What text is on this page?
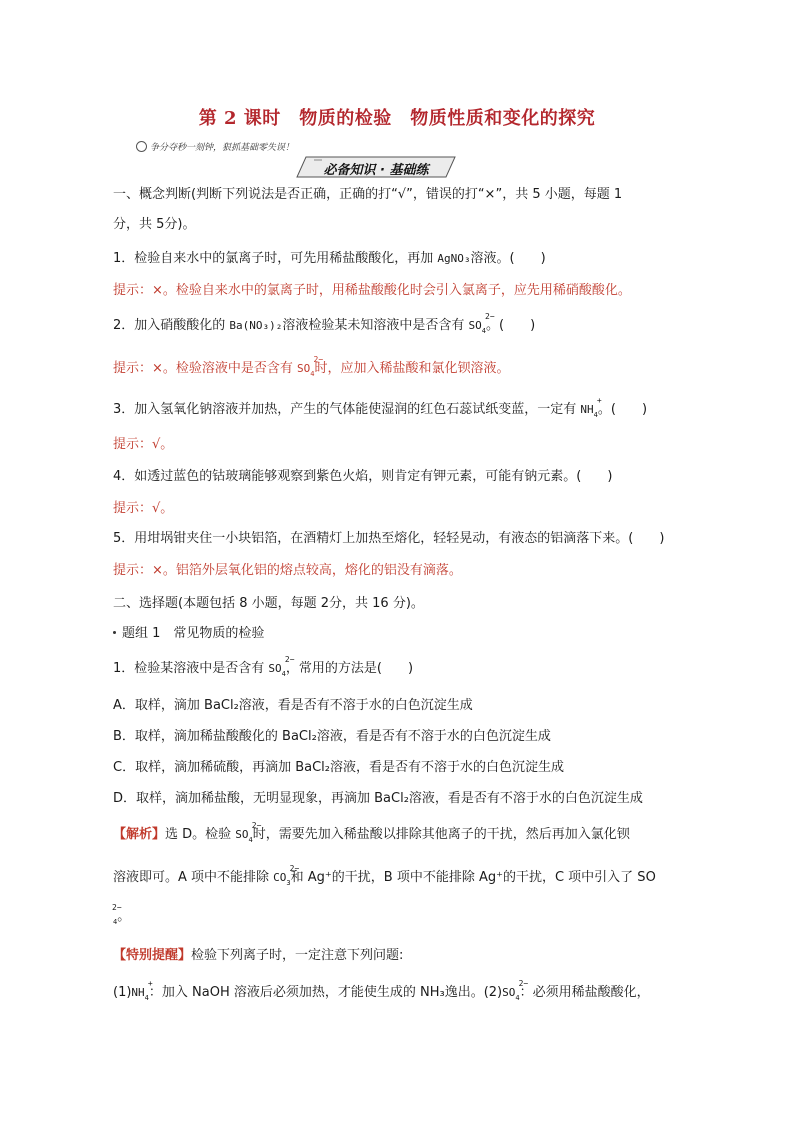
第 2 课时　物质的检验　物质性质和变化的探究
争分夺秒一刻钟，狠抓基础零失误！
必备知识 · 基础练
一、概念判断(判断下列说法是否正确，正确的打“√”，错误的打“×”，共 5 小题，每题 1
分，共 5分)。
1．检验自来水中的氯离子时，可先用稀盐酸酸化，再加 AgNO₃溶液。(　　)
提示：×。检验自来水中的氯离子时，用稀盐酸酸化时会引入氯离子，应先用稀硝酸酸化。
2．加入硝酸酸化的 Ba(NO₃)₂溶液检验某未知溶液中是否含有 $SO_4$
2−
。(　　)
提示：×。检验溶液中是否含有 $SO_4$
2−
时，应加入稀盐酸和氯化钡溶液。
3．加入氢氧化钠溶液并加热，产生的气体能使湿润的红色石蕊试纸变蓝，一定有 $NH_4$
+
。(　　)
提示：√。
4．如透过蓝色的钴玻璃能够观察到紫色火焰，则肯定有钾元素，可能有钠元素。(　　)
提示：√。
5．用坩埚钳夹住一小块铝箔，在酒精灯上加热至熔化，轻轻晃动，有液态的铝滴落下来。(　　)
提示：×。铝箔外层氧化铝的熔点较高，熔化的铝没有滴落。
二、选择题(本题包括 8 小题，每题 2分，共 16 分)。
题组 1　常见物质的检验
1．检验某溶液中是否含有 $SO_4$
2−
，常用的方法是(　　)
A．取样，滴加 BaCl₂溶液，看是否有不溶于水的白色沉淀生成
B．取样，滴加稀盐酸酸化的 BaCl₂溶液，看是否有不溶于水的白色沉淀生成
C．取样，滴加稀硫酸，再滴加 BaCl₂溶液，看是否有不溶于水的白色沉淀生成
D．取样，滴加稀盐酸，无明显现象，再滴加 BaCl₂溶液，看是否有不溶于水的白色沉淀生成
【解析】选 D。检验 $SO_4$
2−
时，需要先加入稀盐酸以排除其他离子的干扰，然后再加入氯化钡
溶液即可。A 项中不能排除 $CO_3$
2−
和 Ag⁺的干扰，B 项中不能排除 Ag⁺的干扰，C 项中引入了 SO
$_4$
2−
。
【特别提醒】检验下列离子时，一定注意下列问题:
$(1)NH_4$
+
：加入 NaOH 溶液后必须加热，才能使生成的 NH₃逸出。$(2)SO_4$
2−
：必须用稀盐酸酸化，
